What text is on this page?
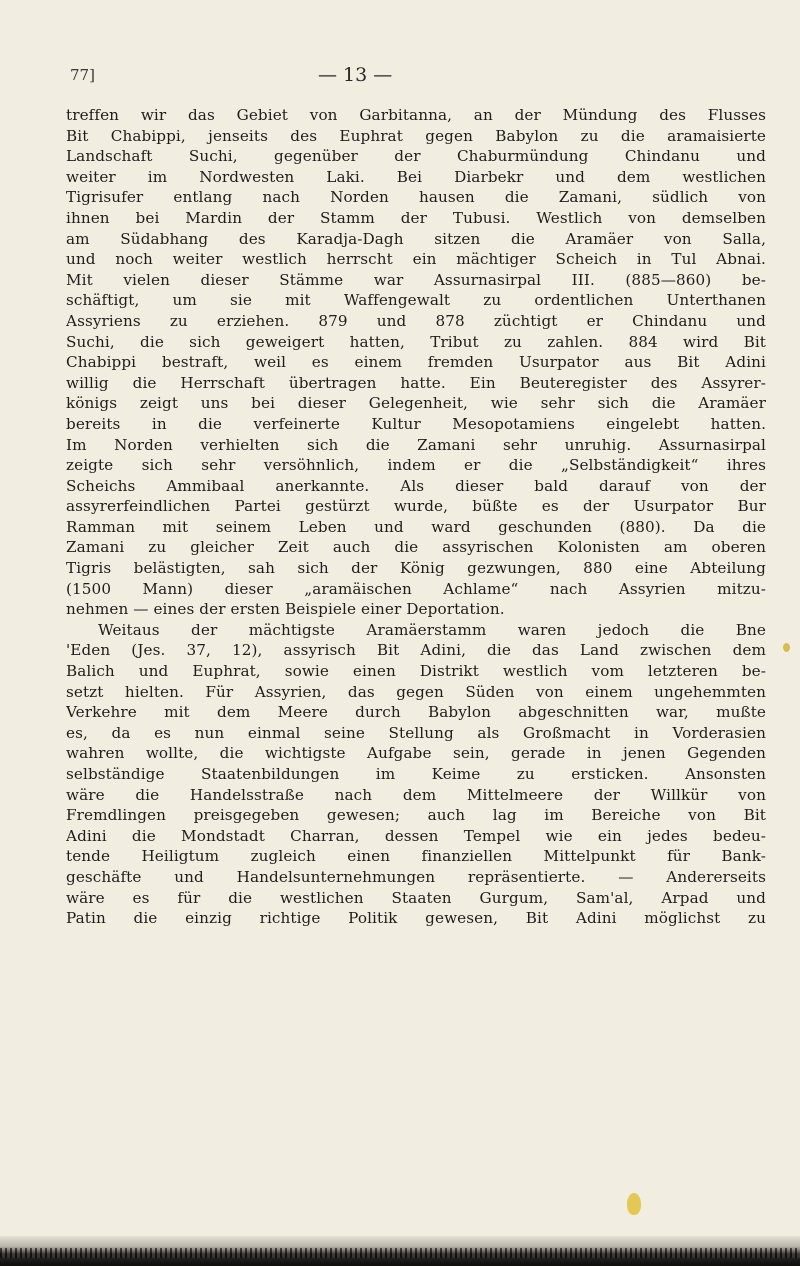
77]	— 13 —
treffen wir das Gebiet von Garbitanna, an der Mündung des Flusses
Bit Chabippi, jenseits des Euphrat gegen Babylon zu die aramaisierte
Landschaft Suchi, gegenüber der Chaburmündung Chindanu und
weiter im Nordwesten Laki. Bei Diarbekr und dem westlichen
Tigrisufer entlang nach Norden hausen die Zamani, südlich von
ihnen bei Mardin der Stamm der Tubusi. Westlich von demselben
am Südabhang des Karadja-Dagh sitzen die Aramäer von Salla,
und noch weiter westlich herrscht ein mächtiger Scheich in Tul Abnai.
Mit vielen dieser Stämme war Assurnasirpal III. (885—860) be-
schäftigt, um sie mit Waffengewalt zu ordentlichen Unterthanen
Assyriens zu erziehen. 879 und 878 züchtigt er Chindanu und
Suchi, die sich geweigert hatten, Tribut zu zahlen. 884 wird Bit
Chabippi bestraft, weil es einem fremden Usurpator aus Bit Adini
willig die Herrschaft übertragen hatte. Ein Beuteregister des Assyrer-
königs zeigt uns bei dieser Gelegenheit, wie sehr sich die Aramäer
bereits in die verfeinerte Kultur Mesopotamiens eingelebt hatten.
Im Norden verhielten sich die Zamani sehr unruhig. Assurnasirpal
zeigte sich sehr versöhnlich, indem er die „Selbständigkeit“ ihres
Scheichs Ammibaal anerkannte. Als dieser bald darauf von der
assyrerfeindlichen Partei gestürzt wurde, büßte es der Usurpator Bur
Ramman mit seinem Leben und ward geschunden (880). Da die
Zamani zu gleicher Zeit auch die assyrischen Kolonisten am oberen
Tigris belästigten, sah sich der König gezwungen, 880 eine Abteilung
(1500 Mann) dieser „aramäischen Achlame“ nach Assyrien mitzu-
nehmen — eines der ersten Beispiele einer Deportation.
Weitaus der mächtigste Aramäerstamm waren jedoch die Bne
'Eden (Jes. 37, 12), assyrisch Bit Adini, die das Land zwischen dem
Balich und Euphrat, sowie einen Distrikt westlich vom letzteren be-
setzt hielten. Für Assyrien, das gegen Süden von einem ungehemmten
Verkehre mit dem Meere durch Babylon abgeschnitten war, mußte
es, da es nun einmal seine Stellung als Großmacht in Vorderasien
wahren wollte, die wichtigste Aufgabe sein, gerade in jenen Gegenden
selbständige Staatenbildungen im Keime zu ersticken. Ansonsten
wäre die Handelsstraße nach dem Mittelmeere der Willkür von
Fremdlingen preisgegeben gewesen; auch lag im Bereiche von Bit
Adini die Mondstadt Charran, dessen Tempel wie ein jedes bedeu-
tende Heiligtum zugleich einen finanziellen Mittelpunkt für Bank-
geschäfte und Handelsunternehmungen repräsentierte. — Andererseits
wäre es für die westlichen Staaten Gurgum, Sam'al, Arpad und
Patin die einzig richtige Politik gewesen, Bit Adini möglichst zu
